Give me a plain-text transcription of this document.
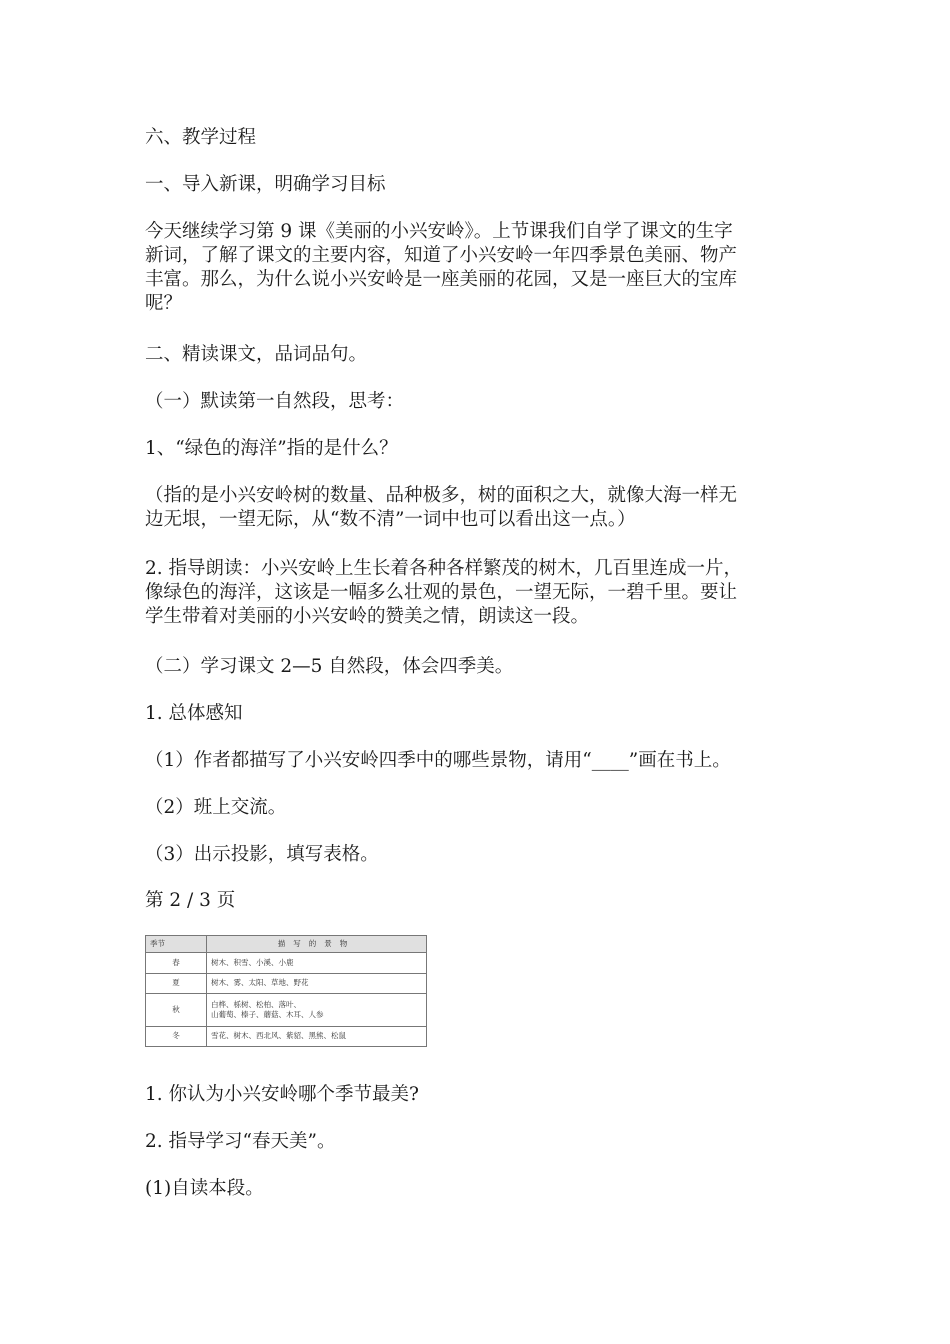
六、教学过程

一、导入新课，明确学习目标

今天继续学习第 9 课《美丽的小兴安岭》。上节课我们自学了课文的生字
新词，了解了课文的主要内容，知道了小兴安岭一年四季景色美丽、物产
丰富。那么，为什么说小兴安岭是一座美丽的花园，又是一座巨大的宝库
呢？

二、精读课文，品词品句。

（一）默读第一自然段，思考：

1、“绿色的海洋”指的是什么？

（指的是小兴安岭树的数量、品种极多，树的面积之大，就像大海一样无
边无垠，一望无际，从“数不清”一词中也可以看出这一点。）
2. 指导朗读：小兴安岭上生长着各种各样繁茂的树木，几百里连成一片，
像绿色的海洋，这该是一幅多么壮观的景色，一望无际，一碧千里。要让
学生带着对美丽的小兴安岭的赞美之情，朗读这一段。

（二）学习课文 2—5 自然段，体会四季美。

1. 总体感知

（1）作者都描写了小兴安岭四季中的哪些景物，请用“____”画在书上。

（2）班上交流。

（3）出示投影，填写表格。

第 2 / 3 页

季节	描写的景物
春	树木、积雪、小溪、小鹿
夏	树木、雾、太阳、草地、野花
秋	白桦、栎树、松柏、落叶、
山葡萄、榛子、蘑菇、木耳、人参

冬	雪花、树木、西北风、紫貂、黑熊、松鼠

1. 你认为小兴安岭哪个季节最美?

2. 指导学习“春天美”。

(1)自读本段。
